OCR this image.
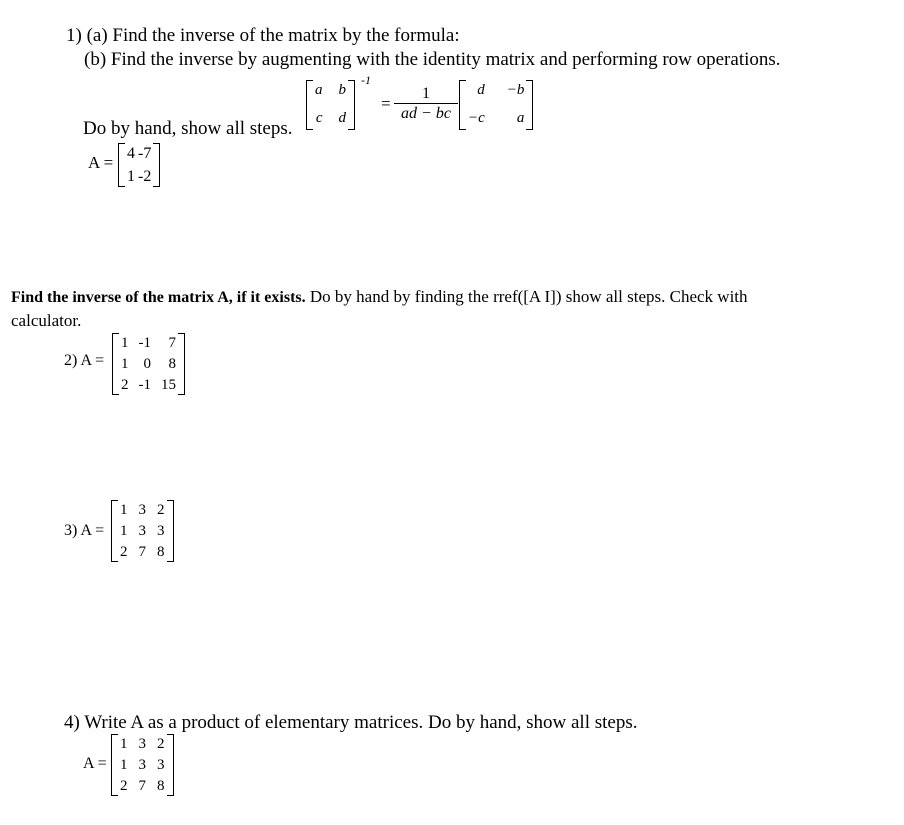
1) (a) Find the inverse of the matrix by the formula:
(b) Find the inverse by augmenting with the identity matrix and performing row operations.
a b
c d
-1
= $\frac{1}{ad - bc}$	d −b
−c	a
Do by hand, show all steps.
A = 4 -7
1 -2
Find the inverse of the matrix A, if it exists. Do by hand by finding the rref([A I]) show all steps. Check with
calculator.
2) A =
1 -1	7
1	0	8
2 -1 15
3) A =
1 3 2
1 3 3
2 7 8
4) Write A as a product of elementary matrices. Do by hand, show all steps.
A =
1 3 2
1 3 3
2 7 8
